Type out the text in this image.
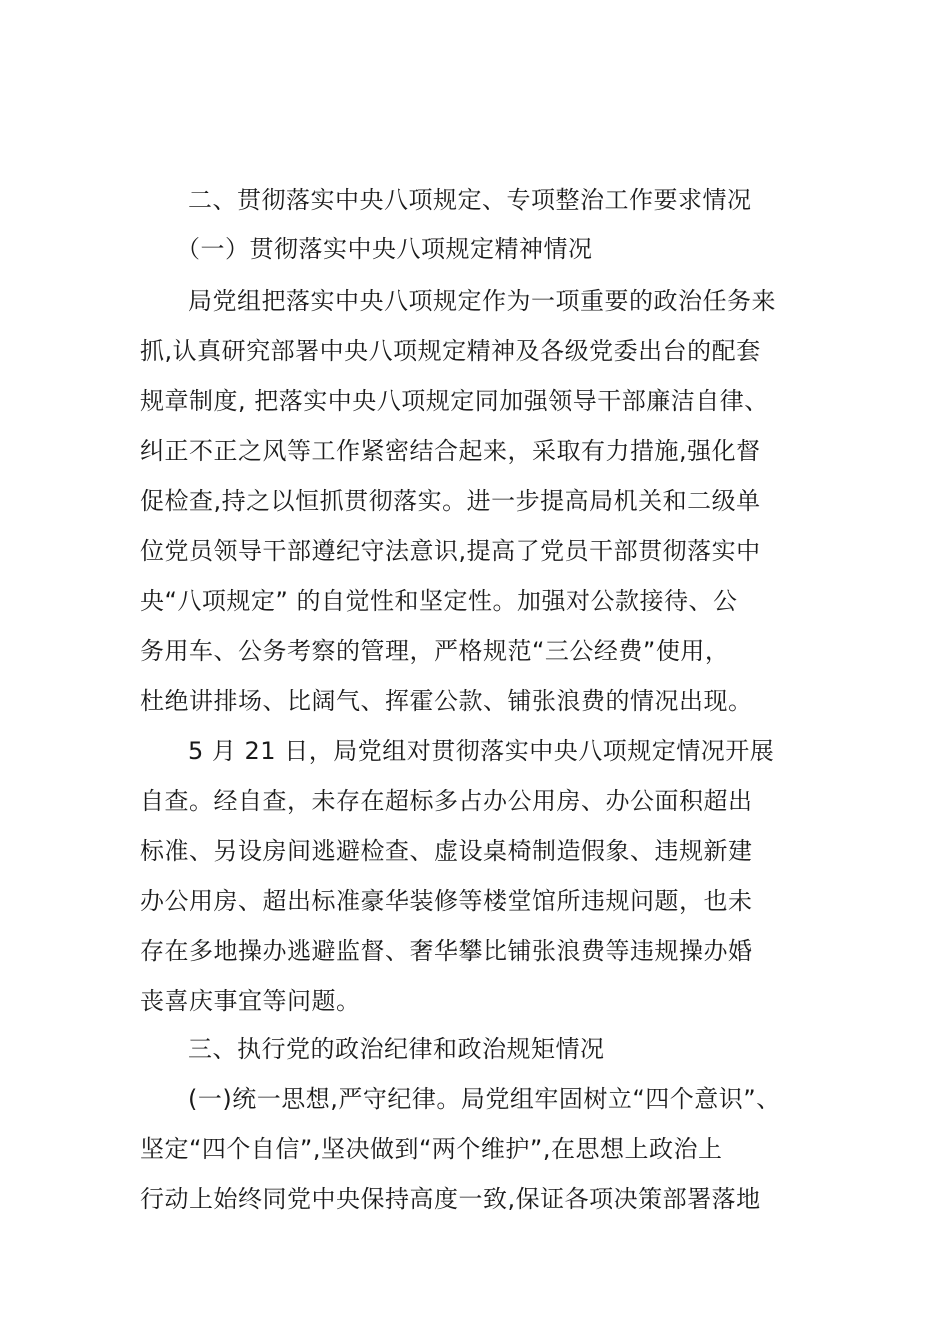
二、贯彻落实中央八项规定、专项整治工作要求情况
（一）贯彻落实中央八项规定精神情况
局党组把落实中央八项规定作为一项重要的政治任务来
抓,认真研究部署中央八项规定精神及各级党委出台的配套
规章制度, 把落实中央八项规定同加强领导干部廉洁自律、
纠正不正之风等工作紧密结合起来，采取有力措施,强化督
促检查,持之以恒抓贯彻落实。进一步提高局机关和二级单
位党员领导干部遵纪守法意识,提高了党员干部贯彻落实中
央“八项规定” 的自觉性和坚定性。加强对公款接待、公
务用车、公务考察的管理，严格规范“三公经费”使用，
杜绝讲排场、比阔气、挥霍公款、铺张浪费的情况出现。
5 月 21 日，局党组对贯彻落实中央八项规定情况开展
自查。经自查，未存在超标多占办公用房、办公面积超出
标准、另设房间逃避检查、虚设桌椅制造假象、违规新建
办公用房、超出标准豪华装修等楼堂馆所违规问题，也未
存在多地操办逃避监督、奢华攀比铺张浪费等违规操办婚
丧喜庆事宜等问题。
三、执行党的政治纪律和政治规矩情况
(一)统一思想,严守纪律。局党组牢固树立“四个意识”、
坚定“四个自信”,坚决做到“两个维护”,在思想上政治上
行动上始终同党中央保持高度一致,保证各项决策部署落地
